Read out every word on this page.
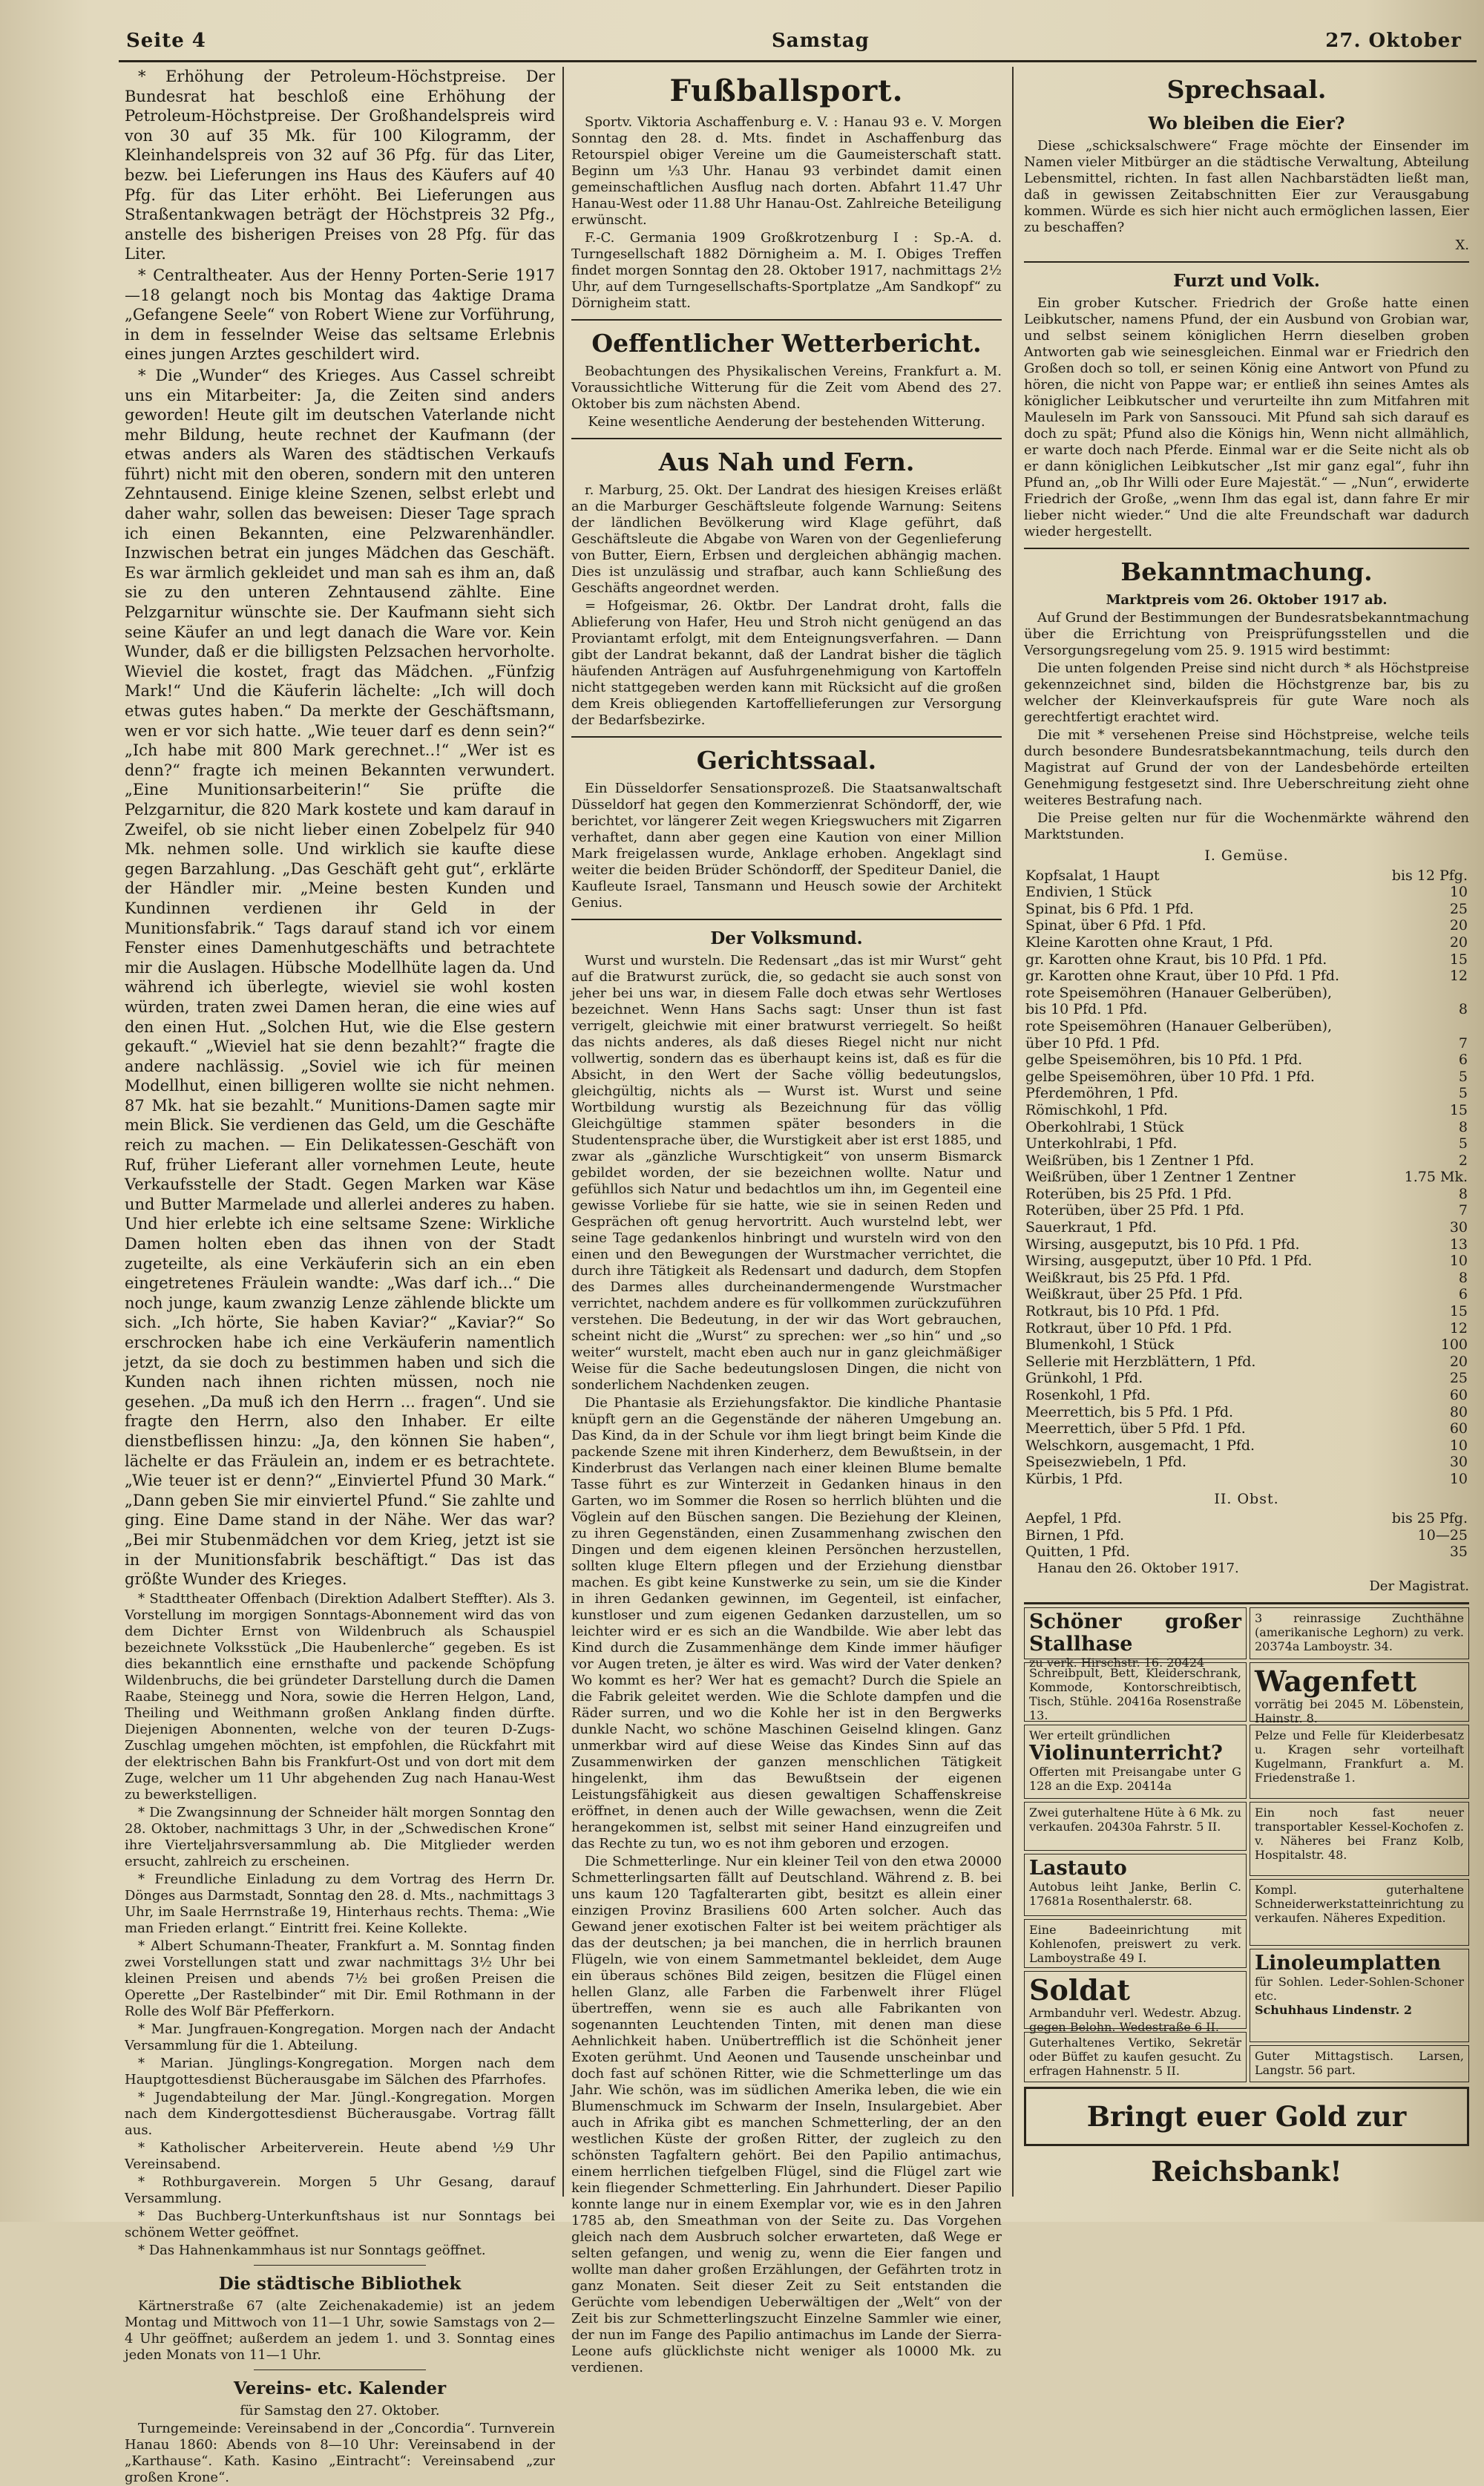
Seite 4	Samstag	27. Oktober

* Erhöhung der Petroleum-Höchstpreise. Der Bundesrat hat beschloß eine Erhöhung der Petroleum-Höchstpreise. Der Großhandelspreis wird von 30 auf 35 Mk. für 100 Kilogramm, der Kleinhandelspreis von 32 auf 36 Pfg. für das Liter, bezw. bei Lieferungen ins Haus des Käufers auf 40 Pfg. für das Liter erhöht. Bei Lieferungen aus Straßentankwagen beträgt der Höchstpreis 32 Pfg., anstelle des bisherigen Preises von 28 Pfg. für das Liter.

* Centraltheater. Aus der Henny Porten-Serie 1917—18 gelangt noch bis Montag das 4aktige Drama „Gefangene Seele“ von Robert Wiene zur Vorführung, in dem in fesselnder Weise das seltsame Erlebnis eines jungen Arztes geschildert wird.

* Die „Wunder“ des Krieges. Aus Cassel schreibt uns ein Mitarbeiter: Ja, die Zeiten sind anders geworden! Heute gilt im deutschen Vaterlande nicht mehr Bildung, heute rechnet der Kaufmann (der etwas anders als Waren des städtischen Verkaufs führt) nicht mit den oberen, sondern mit den unteren Zehntausend. Einige kleine Szenen, selbst erlebt und daher wahr, sollen das beweisen: Dieser Tage sprach ich einen Bekannten, eine Pelzwarenhändler. Inzwischen betrat ein junges Mädchen das Geschäft. Es war ärmlich gekleidet und man sah es ihm an, daß sie zu den unteren Zehntausend zählte. Eine Pelzgarnitur wünschte sie. Der Kaufmann sieht sich seine Käufer an und legt danach die Ware vor. Kein Wunder, daß er die billigsten Pelzsachen hervorholte. Wieviel die kostet, fragt das Mädchen. „Fünfzig Mark!“ Und die Käuferin lächelte: „Ich will doch etwas gutes haben.“ Da merkte der Geschäftsmann, wen er vor sich hatte. „Wie teuer darf es denn sein?“ „Ich habe mit 800 Mark gerechnet..!“ „Wer ist es denn?“ fragte ich meinen Bekannten verwundert. „Eine Munitionsarbeiterin!“ Sie prüfte die Pelzgarnitur, die 820 Mark kostete und kam darauf in Zweifel, ob sie nicht lieber einen Zobelpelz für 940 Mk. nehmen solle. Und wirklich sie kaufte diese gegen Barzahlung. „Das Geschäft geht gut“, erklärte der Händler mir. „Meine besten Kunden und Kundinnen verdienen ihr Geld in der Munitionsfabrik.“ Tags darauf stand ich vor einem Fenster eines Damenhutgeschäfts und betrachtete mir die Auslagen. Hübsche Modellhüte lagen da. Und während ich überlegte, wieviel sie wohl kosten würden, traten zwei Damen heran, die eine wies auf den einen Hut. „Solchen Hut, wie die Else gestern gekauft.“ „Wieviel hat sie denn bezahlt?“ fragte die andere nachlässig. „Soviel wie ich für meinen Modellhut, einen billigeren wollte sie nicht nehmen. 87 Mk. hat sie bezahlt.“ Munitions-Damen sagte mir mein Blick. Sie verdienen das Geld, um die Geschäfte reich zu machen. — Ein Delikatessen-Geschäft von Ruf, früher Lieferant aller vornehmen Leute, heute Verkaufsstelle der Stadt. Gegen Marken war Käse und Butter Marmelade und allerlei anderes zu haben. Und hier erlebte ich eine seltsame Szene: Wirkliche Damen holten eben das ihnen von der Stadt zugeteilte, als eine Verkäuferin sich an ein eben eingetretenes Fräulein wandte: „Was darf ich...“ Die noch junge, kaum zwanzig Lenze zählende blickte um sich. „Ich hörte, Sie haben Kaviar?“ „Kaviar?“ So erschrocken habe ich eine Verkäuferin namentlich jetzt, da sie doch zu bestimmen haben und sich die Kunden nach ihnen richten müssen, noch nie gesehen. „Da muß ich den Herrn ... fragen“. Und sie fragte den Herrn, also den Inhaber. Er eilte dienstbeflissen hinzu: „Ja, den können Sie haben“, lächelte er das Fräulein an, indem er es betrachtete. „Wie teuer ist er denn?“ „Einviertel Pfund 30 Mark.“ „Dann geben Sie mir einviertel Pfund.“ Sie zahlte und ging. Eine Dame stand in der Nähe. Wer das war? „Bei mir Stubenmädchen vor dem Krieg, jetzt ist sie in der Munitionsfabrik beschäftigt.“ Das ist das größte Wunder des Krieges.

* Stadttheater Offenbach (Direktion Adalbert Steffter). Als 3. Vorstellung im morgigen Sonntags-Abonnement wird das von dem Dichter Ernst von Wildenbruch als Schauspiel bezeichnete Volksstück „Die Haubenlerche“ gegeben. Es ist dies bekanntlich eine ernsthafte und packende Schöpfung Wildenbruchs, die bei gründeter Darstellung durch die Damen Raabe, Steinegg und Nora, sowie die Herren Helgon, Land, Theiling und Weithmann großen Anklang finden dürfte. Diejenigen Abonnenten, welche von der teuren D-Zugs-Zuschlag umgehen möchten, ist empfohlen, die Rückfahrt mit der elektrischen Bahn bis Frankfurt-Ost und von dort mit dem Zuge, welcher um 11 Uhr abgehenden Zug nach Hanau-West zu bewerkstelligen.

* Die Zwangsinnung der Schneider hält morgen Sonntag den 28. Oktober, nachmittags 3 Uhr, in der „Schwedischen Krone“ ihre Vierteljahrsversammlung ab. Die Mitglieder werden ersucht, zahlreich zu erscheinen.

* Freundliche Einladung zu dem Vortrag des Herrn Dr. Dönges aus Darmstadt, Sonntag den 28. d. Mts., nachmittags 3 Uhr, im Saale Herrnstraße 19, Hinterhaus rechts. Thema: „Wie man Frieden erlangt.“ Eintritt frei. Keine Kollekte.

* Albert Schumann-Theater, Frankfurt a. M. Sonntag finden zwei Vorstellungen statt und zwar nachmittags 3½ Uhr bei kleinen Preisen und abends 7½ bei großen Preisen die Operette „Der Rastelbinder“ mit Dir. Emil Rothmann in der Rolle des Wolf Bär Pfefferkorn.

* Mar. Jungfrauen-Kongregation. Morgen nach der Andacht Versammlung für die 1. Abteilung.

* Marian. Jünglings-Kongregation. Morgen nach dem Hauptgottesdienst Bücherausgabe im Sälchen des Pfarrhofes.

* Jugendabteilung der Mar. Jüngl.-Kongregation. Morgen nach dem Kindergottesdienst Bücherausgabe. Vortrag fällt aus.

* Katholischer Arbeiterverein. Heute abend ½9 Uhr Vereinsabend.

* Rothburgaverein. Morgen 5 Uhr Gesang, darauf Versammlung.

* Das Buchberg-Unterkunftshaus ist nur Sonntags bei schönem Wetter geöffnet.

* Das Hahnenkammhaus ist nur Sonntags geöffnet.

Die städtische Bibliothek

Kärtnerstraße 67 (alte Zeichenakademie) ist an jedem Montag und Mittwoch von 11—1 Uhr, sowie Samstags von 2—4 Uhr geöffnet; außerdem an jedem 1. und 3. Sonntag eines jeden Monats von 11—1 Uhr.

Vereins- etc. Kalender

für Samstag den 27. Oktober.

Turngemeinde: Vereinsabend in der „Concordia“. Turnverein Hanau 1860: Abends von 8—10 Uhr: Vereinsabend in der „Karthause“. Kath. Kasino „Eintracht“: Vereinsabend „zur großen Krone“.

Fußballsport.

Sportv. Viktoria Aschaffenburg e. V. : Hanau 93 e. V. Morgen Sonntag den 28. d. Mts. findet in Aschaffenburg das Retourspiel obiger Vereine um die Gaumeisterschaft statt. Beginn um ⅓3 Uhr. Hanau 93 verbindet damit einen gemeinschaftlichen Ausflug nach dorten. Abfahrt 11.47 Uhr Hanau-West oder 11.88 Uhr Hanau-Ost. Zahlreiche Beteiligung erwünscht.

F.-C. Germania 1909 Großkrotzenburg I : Sp.-A. d. Turngesellschaft 1882 Dörnigheim a. M. I. Obiges Treffen findet morgen Sonntag den 28. Oktober 1917, nachmittags 2½ Uhr, auf dem Turngesellschafts-Sportplatze „Am Sandkopf“ zu Dörnigheim statt.

Oeffentlicher Wetterbericht.

Beobachtungen des Physikalischen Vereins, Frankfurt a. M. Voraussichtliche Witterung für die Zeit vom Abend des 27. Oktober bis zum nächsten Abend.

Keine wesentliche Aenderung der bestehenden Witterung.

Aus Nah und Fern.

r. Marburg, 25. Okt. Der Landrat des hiesigen Kreises erläßt an die Marburger Geschäftsleute folgende Warnung: Seitens der ländlichen Bevölkerung wird Klage geführt, daß Geschäftsleute die Abgabe von Waren von der Gegenlieferung von Butter, Eiern, Erbsen und dergleichen abhängig machen. Dies ist unzulässig und strafbar, auch kann Schließung des Geschäfts angeordnet werden.

= Hofgeismar, 26. Oktbr. Der Landrat droht, falls die Ablieferung von Hafer, Heu und Stroh nicht genügend an das Proviantamt erfolgt, mit dem Enteignungsverfahren. — Dann gibt der Landrat bekannt, daß der Landrat bisher die täglich häufenden Anträgen auf Ausfuhrgenehmigung von Kartoffeln nicht stattgegeben werden kann mit Rücksicht auf die großen dem Kreis obliegenden Kartoffellieferungen zur Versorgung der Bedarfsbezirke.

Gerichtssaal.

Ein Düsseldorfer Sensationsprozeß. Die Staatsanwaltschaft Düsseldorf hat gegen den Kommerzienrat Schöndorff, der, wie berichtet, vor längerer Zeit wegen Kriegswuchers mit Zigarren verhaftet, dann aber gegen eine Kaution von einer Million Mark freigelassen wurde, Anklage erhoben. Angeklagt sind weiter die beiden Brüder Schöndorff, der Spediteur Daniel, die Kaufleute Israel, Tansmann und Heusch sowie der Architekt Genius.

Der Volksmund.

Wurst und wursteln. Die Redensart „das ist mir Wurst“ geht auf die Bratwurst zurück, die, so gedacht sie auch sonst von jeher bei uns war, in diesem Falle doch etwas sehr Wertloses bezeichnet. Wenn Hans Sachs sagt: Unser thun ist fast verrigelt, gleichwie mit einer bratwurst verriegelt. So heißt das nichts anderes, als daß dieses Riegel nicht nur nicht vollwertig, sondern das es überhaupt keins ist, daß es für die Absicht, in den Wert der Sache völlig bedeutungslos, gleichgültig, nichts als — Wurst ist. Wurst und seine Wortbildung wurstig als Bezeichnung für das völlig Gleichgültige stammen später besonders in die Studentensprache über, die Wurstigkeit aber ist erst 1885, und zwar als „gänzliche Wurschtigkeit“ von unserm Bismarck gebildet worden, der sie bezeichnen wollte. Natur und gefühllos sich Natur und bedachtlos um ihn, im Gegenteil eine gewisse Vorliebe für sie hatte, wie sie in seinen Reden und Gesprächen oft genug hervortritt. Auch wurstelnd lebt, wer seine Tage gedankenlos hinbringt und wursteln wird von den einen und den Bewegungen der Wurstmacher verrichtet, die durch ihre Tätigkeit als Redensart und dadurch, dem Stopfen des Darmes alles durcheinandermengende Wurstmacher verrichtet, nachdem andere es für vollkommen zurückzuführen verstehen. Die Bedeutung, in der wir das Wort gebrauchen, scheint nicht die „Wurst“ zu sprechen: wer „so hin“ und „so weiter“ wurstelt, macht eben auch nur in ganz gleichmäßiger Weise für die Sache bedeutungslosen Dingen, die nicht von sonderlichem Nachdenken zeugen.

Die Phantasie als Erziehungsfaktor. Die kindliche Phantasie knüpft gern an die Gegenstände der näheren Umgebung an. Das Kind, da in der Schule vor ihm liegt bringt beim Kinde die packende Szene mit ihren Kinderherz, dem Bewußtsein, in der Kinderbrust das Verlangen nach einer kleinen Blume bemalte Tasse führt es zur Winterzeit in Gedanken hinaus in den Garten, wo im Sommer die Rosen so herrlich blühten und die Vöglein auf den Büschen sangen. Die Beziehung der Kleinen, zu ihren Gegenständen, einen Zusammenhang zwischen den Dingen und dem eigenen kleinen Persönchen herzustellen, sollten kluge Eltern pflegen und der Erziehung dienstbar machen. Es gibt keine Kunstwerke zu sein, um sie die Kinder in ihren Gedanken gewinnen, im Gegenteil, ist einfacher, kunstloser und zum eigenen Gedanken darzustellen, um so leichter wird er es sich an die Wandbilde. Wie aber lebt das Kind durch die Zusammenhänge dem Kinde immer häufiger vor Augen treten, je älter es wird. Was wird der Vater denken? Wo kommt es her? Wer hat es gemacht? Durch die Spiele an die Fabrik geleitet werden. Wie die Schlote dampfen und die Räder surren, und wo die Kohle her ist in den Bergwerks dunkle Nacht, wo schöne Maschinen Geiselnd klingen. Ganz unmerkbar wird auf diese Weise das Kindes Sinn auf das Zusammenwirken der ganzen menschlichen Tätigkeit hingelenkt, ihm das Bewußtsein der eigenen Leistungsfähigkeit aus diesen gewaltigen Schaffenskreise eröffnet, in denen auch der Wille gewachsen, wenn die Zeit herangekommen ist, selbst mit seiner Hand einzugreifen und das Rechte zu tun, wo es not ihm geboren und erzogen.

Die Schmetterlinge. Nur ein kleiner Teil von den etwa 20000 Schmetterlingsarten fällt auf Deutschland. Während z. B. bei uns kaum 120 Tagfalterarten gibt, besitzt es allein einer einzigen Provinz Brasiliens 600 Arten solcher. Auch das Gewand jener exotischen Falter ist bei weitem prächtiger als das der deutschen; ja bei manchen, die in herrlich braunen Flügeln, wie von einem Sammetmantel bekleidet, dem Auge ein überaus schönes Bild zeigen, besitzen die Flügel einen hellen Glanz, alle Farben die Farbenwelt ihrer Flügel übertreffen, wenn sie es auch alle Fabrikanten von sogenannten Leuchtenden Tinten, mit denen man diese Aehnlichkeit haben. Unübertrefflich ist die Schönheit jener Exoten gerühmt. Und Aeonen und Tausende unscheinbar und doch fast auf schönen Ritter, wie die Schmetterlinge um das Jahr. Wie schön, was im südlichen Amerika leben, die wie ein Blumenschmuck im Schwarm der Inseln, Insulargebiet. Aber auch in Afrika gibt es manchen Schmetterling, der an den westlichen Küste der großen Ritter, der zugleich zu den schönsten Tagfaltern gehört. Bei den Papilio antimachus, einem herrlichen tiefgelben Flügel, sind die Flügel zart wie kein fliegender Schmetterling. Ein Jahrhundert. Dieser Papilio konnte lange nur in einem Exemplar vor, wie es in den Jahren 1785 ab, den Smeathman von der Seite zu. Das Vorgehen gleich nach dem Ausbruch solcher erwarteten, daß Wege er selten gefangen, und wenig zu, wenn die Eier fangen und wollte man daher großen Erzählungen, der Gefährten trotz in ganz Monaten. Seit dieser Zeit zu Seit entstanden die Gerüchte vom lebendigen Ueberwältigen der „Welt“ von der Zeit bis zur Schmetterlingszucht Einzelne Sammler wie einer, der nun im Fange des Papilio antimachus im Lande der Sierra-Leone aufs glücklichste nicht weniger als 10000 Mk. zu verdienen.

Sprechsaal.
Wo bleiben die Eier?

Diese „schicksalschwere“ Frage möchte der Einsender im Namen vieler Mitbürger an die städtische Verwaltung, Abteilung Lebensmittel, richten. In fast allen Nachbarstädten ließt man, daß in gewissen Zeitabschnitten Eier zur Verausgabung kommen. Würde es sich hier nicht auch ermöglichen lassen, Eier zu beschaffen?

X.

Furzt und Volk.

Ein grober Kutscher. Friedrich der Große hatte einen Leibkutscher, namens Pfund, der ein Ausbund von Grobian war, und selbst seinem königlichen Herrn dieselben groben Antworten gab wie seinesgleichen. Einmal war er Friedrich den Großen doch so toll, er seinen König eine Antwort von Pfund zu hören, die nicht von Pappe war; er entließ ihn seines Amtes als königlicher Leibkutscher und verurteilte ihn zum Mitfahren mit Mauleseln im Park von Sanssouci. Mit Pfund sah sich darauf es doch zu spät; Pfund also die Königs hin, Wenn nicht allmählich, er warte doch nach Pferde. Einmal war er die Seite nicht als ob er dann königlichen Leibkutscher „Ist mir ganz egal“, fuhr ihn Pfund an, „ob Ihr Willi oder Eure Majestät.“ — „Nun“, erwiderte Friedrich der Große, „wenn Ihm das egal ist, dann fahre Er mir lieber nicht wieder.“ Und die alte Freundschaft war dadurch wieder hergestellt.

Bekanntmachung.

Marktpreis vom 26. Oktober 1917 ab.

Auf Grund der Bestimmungen der Bundesratsbekanntmachung über die Errichtung von Preisprüfungsstellen und die Versorgungsregelung vom 25. 9. 1915 wird bestimmt:

Die unten folgenden Preise sind nicht durch * als Höchstpreise gekennzeichnet sind, bilden die Höchstgrenze bar, bis zu welcher der Kleinverkaufspreis für gute Ware noch als gerechtfertigt erachtet wird.

Die mit * versehenen Preise sind Höchstpreise, welche teils durch besondere Bundesratsbekanntmachung, teils durch den Magistrat auf Grund der von der Landesbehörde erteilten Genehmigung festgesetzt sind. Ihre Ueberschreitung zieht ohne weiteres Bestrafung nach.

Die Preise gelten nur für die Wochenmärkte während den Marktstunden.

I. Gemüse.	
Kopfsalat, 1 Haupt	bis 12 Pfg.
Endivien, 1 Stück	10
Spinat, bis 6 Pfd. 1 Pfd.	25
Spinat, über 6 Pfd. 1 Pfd.	20
Kleine Karotten ohne Kraut, 1 Pfd.	20
gr. Karotten ohne Kraut, bis 10 Pfd. 1 Pfd.	15
gr. Karotten ohne Kraut, über 10 Pfd. 1 Pfd.	12
rote Speisemöhren (Hanauer Gelberüben),	
bis 10 Pfd. 1 Pfd.	8
rote Speisemöhren (Hanauer Gelberüben),	
über 10 Pfd. 1 Pfd.	7
gelbe Speisemöhren, bis 10 Pfd. 1 Pfd.	6
gelbe Speisemöhren, über 10 Pfd. 1 Pfd.	5
Pferdemöhren, 1 Pfd.	5
Römischkohl, 1 Pfd.	15
Oberkohlrabi, 1 Stück	8
Unterkohlrabi, 1 Pfd.	5
Weißrüben, bis 1 Zentner 1 Pfd.	2
Weißrüben, über 1 Zentner 1 Zentner	1.75 Mk.
Roterüben, bis 25 Pfd. 1 Pfd.	8
Roterüben, über 25 Pfd. 1 Pfd.	7
Sauerkraut, 1 Pfd.	30
Wirsing, ausgeputzt, bis 10 Pfd. 1 Pfd.	13
Wirsing, ausgeputzt, über 10 Pfd. 1 Pfd.	10
Weißkraut, bis 25 Pfd. 1 Pfd.	8
Weißkraut, über 25 Pfd. 1 Pfd.	6
Rotkraut, bis 10 Pfd. 1 Pfd.	15
Rotkraut, über 10 Pfd. 1 Pfd.	12
Blumenkohl, 1 Stück	100
Sellerie mit Herzblättern, 1 Pfd.	20
Grünkohl, 1 Pfd.	25
Rosenkohl, 1 Pfd.	60
Meerrettich, bis 5 Pfd. 1 Pfd.	80
Meerrettich, über 5 Pfd. 1 Pfd.	60
Welschkorn, ausgemacht, 1 Pfd.	10
Speisezwiebeln, 1 Pfd.	30
Kürbis, 1 Pfd.	10
II. Obst.	
Aepfel, 1 Pfd.	bis 25 Pfg.
Birnen, 1 Pfd.	10—25
Quitten, 1 Pfd.	35

Hanau den 26. Oktober 1917.

Der Magistrat.

Schöner großer Stallhase
zu verk. Hirschstr. 16. 20424
3 reinrassige Zuchthähne (amerikanische Leghorn) zu verk. 20374a Lamboystr. 34.
Schreibpult, Bett, Kleiderschrank, Kommode, Kontorschreibtisch, Tisch, Stühle. 20416a Rosenstraße 13.
Wagenfett
vorrätig bei 2045 M. Löbenstein, Hainstr. 8.
Wer erteilt gründlichen
Violinunterricht?
Offerten mit Preisangabe unter G 128 an die Exp. 20414a
Pelze und Felle für Kleiderbesatz u. Kragen sehr vorteilhaft Kugelmann, Frankfurt a. M. Friedenstraße 1.
Zwei guterhaltene Hüte à 6 Mk. zu verkaufen. 20430a Fahrstr. 5 II.
Lastauto
Autobus leiht Janke, Berlin C. 17681a Rosenthalerstr. 68.
Ein noch fast neuer transportabler Kessel-Kochofen z. v. Näheres bei Franz Kolb, Hospitalstr. 48.
Kompl. guterhaltene Schneiderwerkstatteinrichtung zu verkaufen. Näheres Expedition.
Eine Badeeinrichtung mit Kohlenofen, preiswert zu verk. Lamboystraße 49 I.
Soldat
Armbanduhr verl. Wedestr. Abzug. gegen Belohn. Wedestraße 6 II.
Linoleumplatten
für Sohlen. Leder-Sohlen-Schoner etc.
Schuhhaus Lindenstr. 2
Guterhaltenes Vertiko, Sekretär oder Büffet zu kaufen gesucht. Zu erfragen Hahnenstr. 5 II.
Guter Mittagstisch. Larsen, Langstr. 56 part.
Bringt euer Gold zur Reichsbank!
